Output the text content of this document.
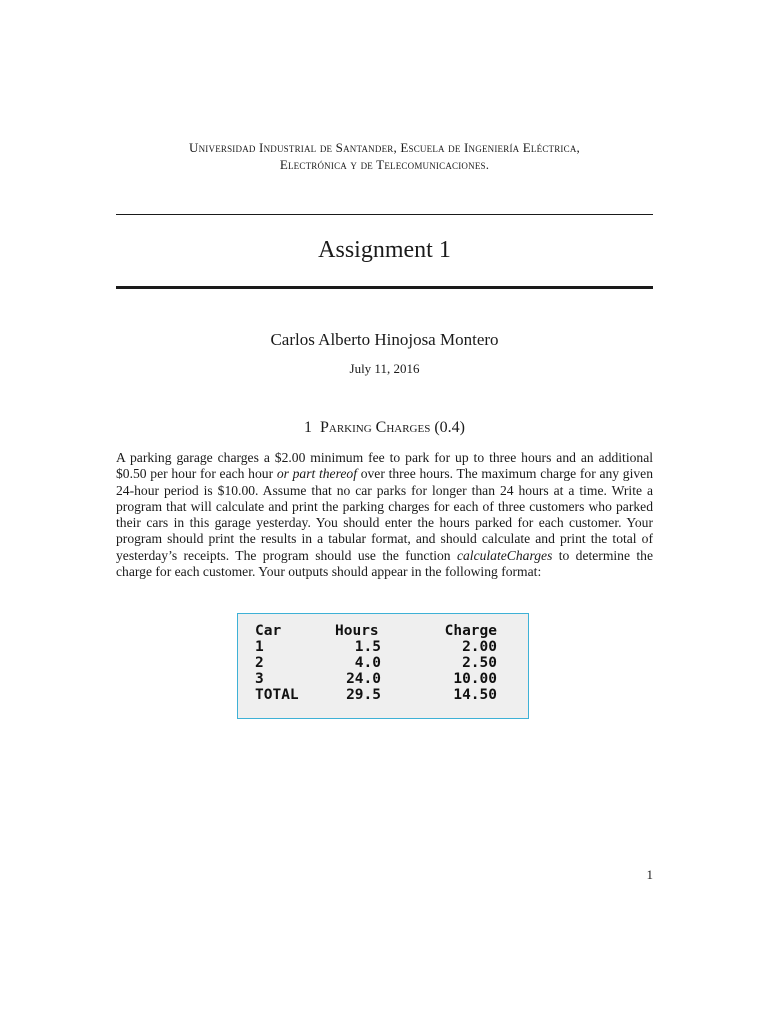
Universidad Industrial de Santander, Escuela de Ingeniería Eléctrica,
Electrónica y de Telecomunicaciones.
Assignment 1
Carlos Alberto Hinojosa Montero
July 11, 2016
1 Parking Charges (0.4)
A parking garage charges a $2.00 minimum fee to park for up to three hours and an additional $0.50 per hour for each hour or part thereof over three hours. The maximum charge for any given 24-hour period is $10.00. Assume that no car parks for longer than 24 hours at a time. Write a program that will calculate and print the parking charges for each of three customers who parked their cars in this garage yesterday. You should enter the hours parked for each customer. Your program should print the results in a tabular format, and should calculate and print the total of yesterday’s receipts. The program should use the function calculateCharges to determine the charge for each customer. Your outputs should appear in the following format:
Car	Hours	Charge
1	1.5	2.00
2	4.0	2.50
3	24.0	10.00
TOTAL	29.5	14.50
1
